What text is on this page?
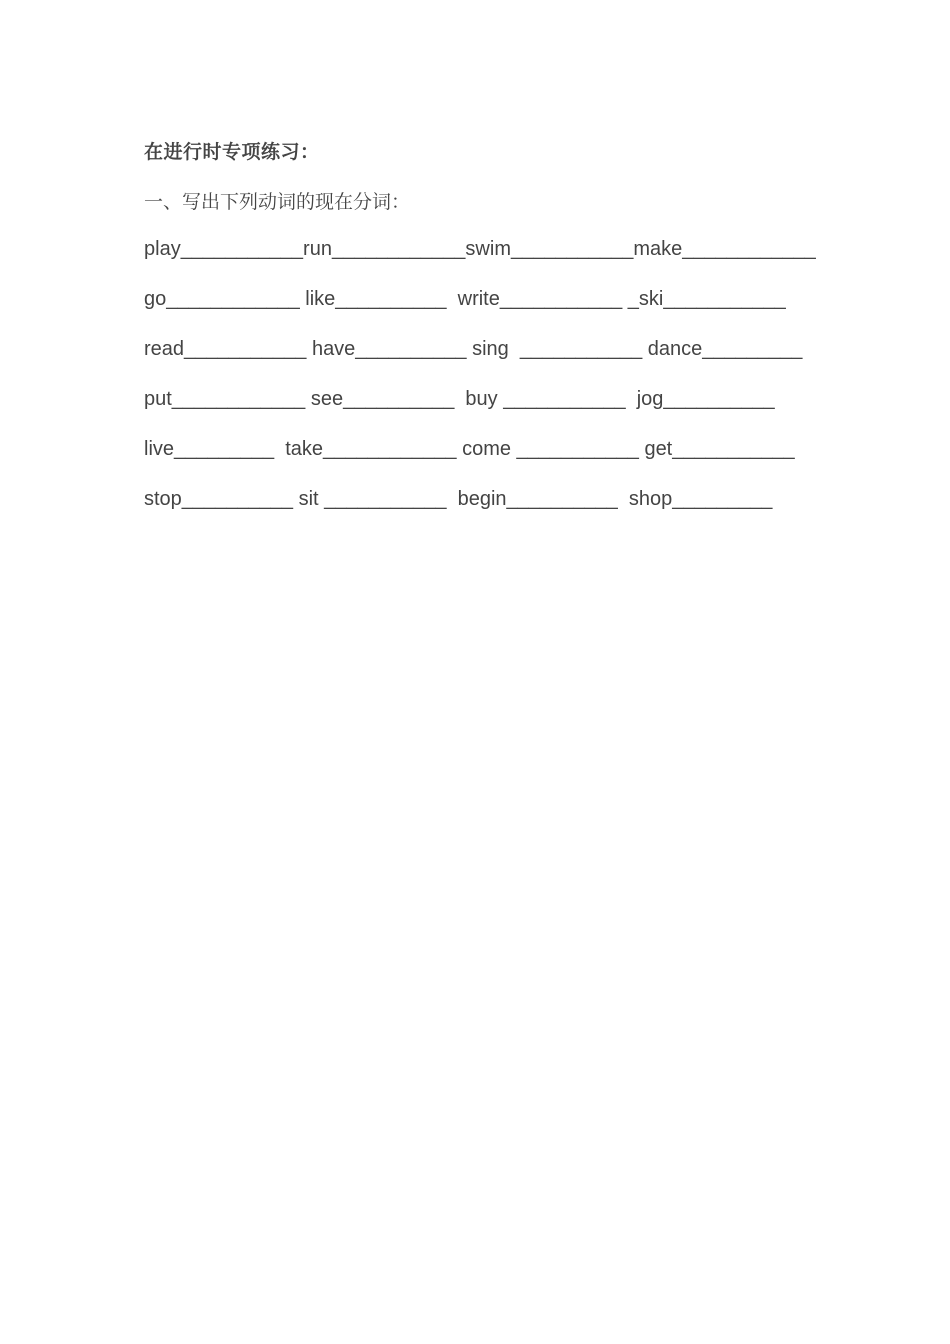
在进行时专项练习：
一、写出下列动词的现在分词：
play___________run____________swim___________make____________
go____________ like__________  write___________ _ski___________
read___________ have__________ sing  ___________ dance_________
put____________ see__________  buy ___________  jog__________
live_________  take____________ come ___________ get___________
stop__________ sit ___________  begin__________  shop_________
